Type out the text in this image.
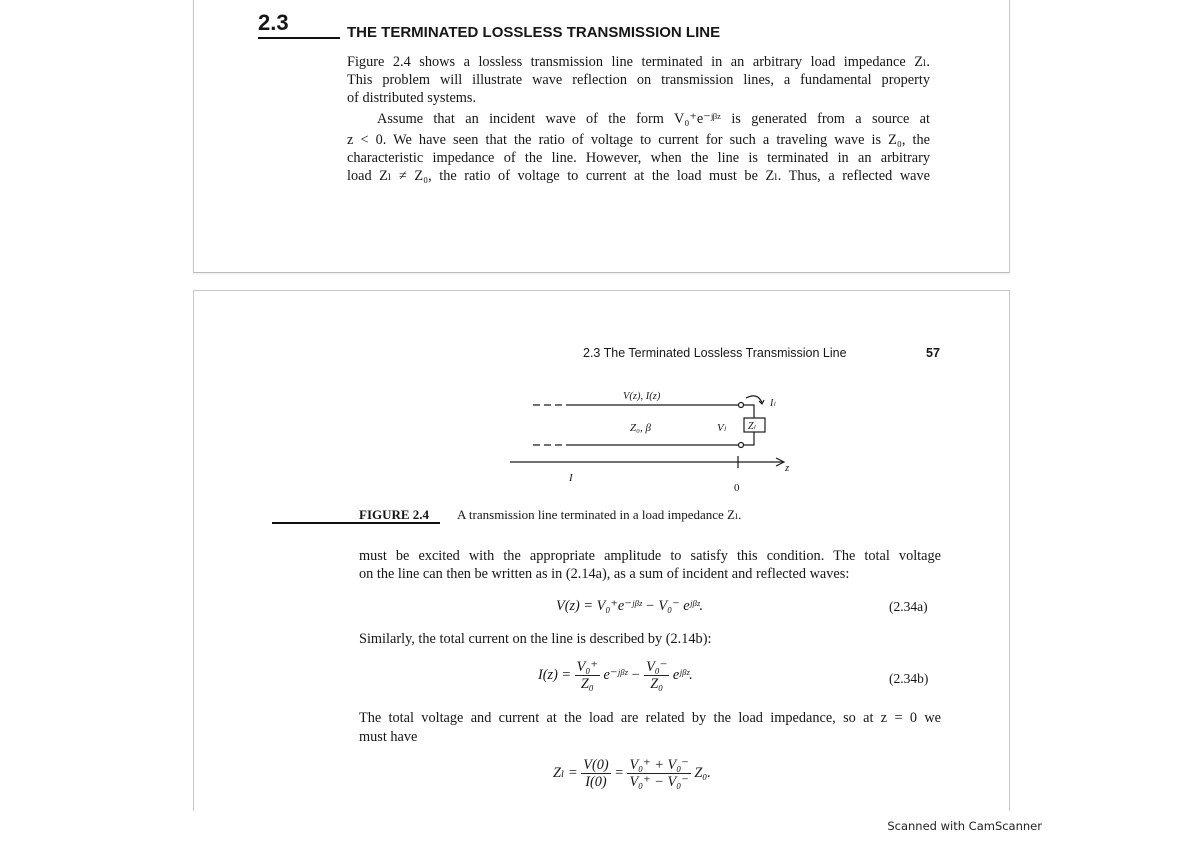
2.3	THE TERMINATED LOSSLESS TRANSMISSION LINE
Figure 2.4 shows a lossless transmission line terminated in an arbitrary load impedance Zₗ.
This problem will illustrate wave reflection on transmission lines, a fundamental property
of distributed systems.
Assume that an incident wave of the form V₀⁺e⁻ʲᵝᶻ is generated from a source at
z < 0. We have seen that the ratio of voltage to current for such a traveling wave is Z₀, the
characteristic impedance of the line. However, when the line is terminated in an arbitrary
load Zₗ ≠ Z₀, the ratio of voltage to current at the load must be Zₗ. Thus, a reflected wave
2.3 The Terminated Lossless Transmission Line	57
V(z), I(z)
Z₀, β	Vₗ Zₗ
Iₗ
z
0
I
FIGURE 2.4 A transmission line terminated in a load impedance Zₗ.
must be excited with the appropriate amplitude to satisfy this condition. The total voltage
on the line can then be written as in (2.14a), as a sum of incident and reflected waves:
V(z) = V₀⁺e⁻ʲᵝᶻ − V₀⁻ eʲᵝᶻ.	(2.34a)
Similarly, the total current on the line is described by (2.14b):
$I(z) = \frac{\text{V₀⁺}}{\text{Z₀}}$ e⁻ʲᵝᶻ − $\frac{\text{V₀⁻}}{\text{Z₀}}$ eʲᵝᶻ.	(2.34b)
The total voltage and current at the load are related by the load impedance, so at z = 0 we
must have
$Z_l = \frac{V(0)}{I(0)} = \frac{\text{V₀⁺ + V₀⁻}}{\text{V₀⁺ − V₀⁻}} Z_0$.
Scanned with CamScanner
